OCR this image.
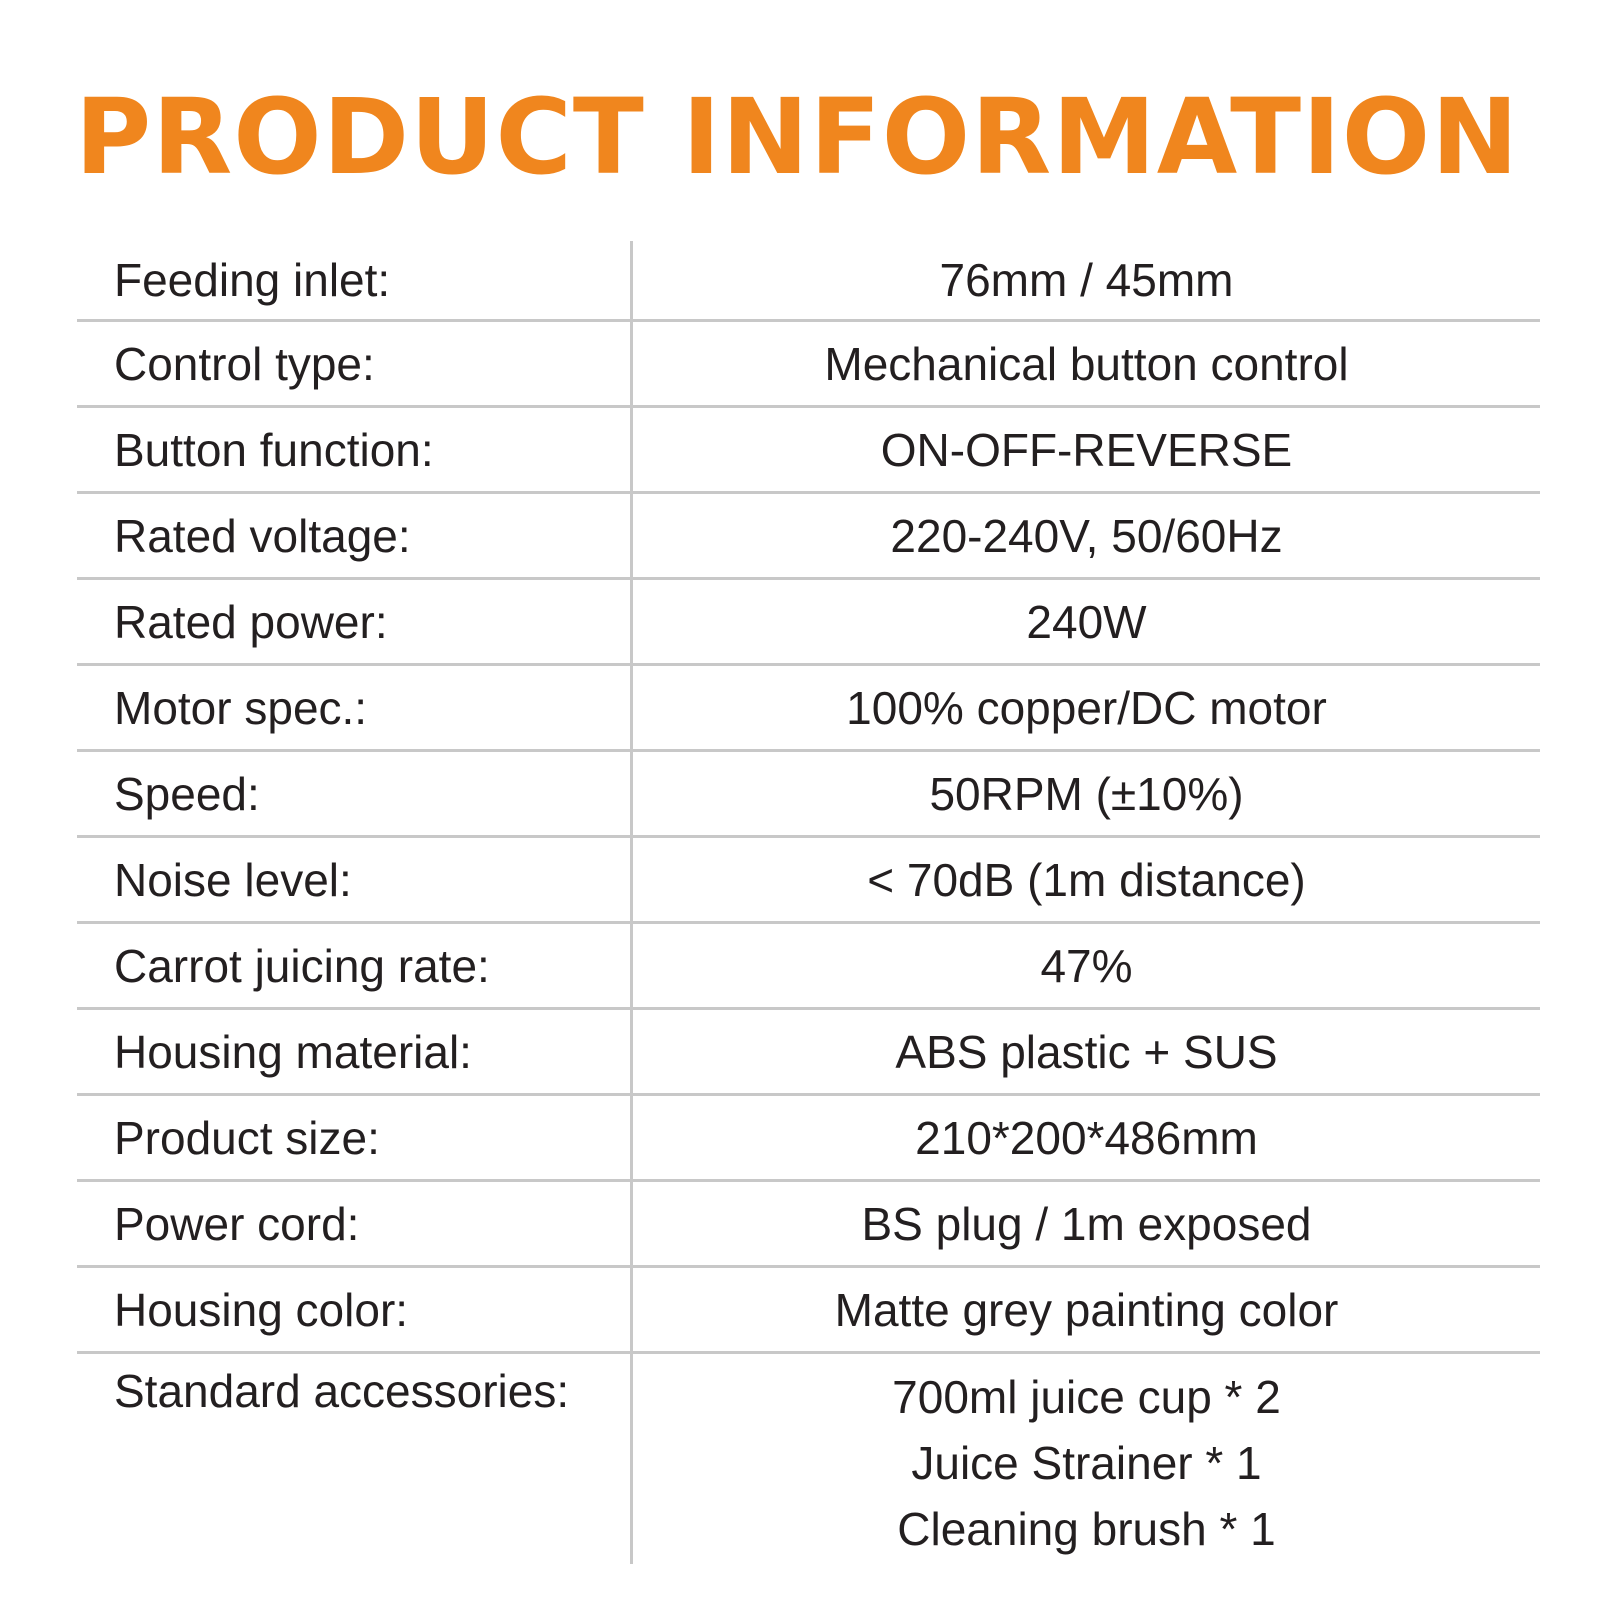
PRODUCT INFORMATION
Feeding inlet:	76mm / 45mm
Control type:	Mechanical button control
Button function:	ON-OFF-REVERSE
Rated voltage:	220-240V, 50/60Hz
Rated power:	240W
Motor spec.:	100% copper/DC motor
Speed:	50RPM (±10%)
Noise level:	< 70dB (1m distance)
Carrot juicing rate:	47%
Housing material:	ABS plastic + SUS
Product size:	210*200*486mm
Power cord:	BS plug / 1m exposed
Housing color:	Matte grey painting color
Standard accessories:	700ml juice cup * 2
Juice Strainer * 1
Cleaning brush * 1
